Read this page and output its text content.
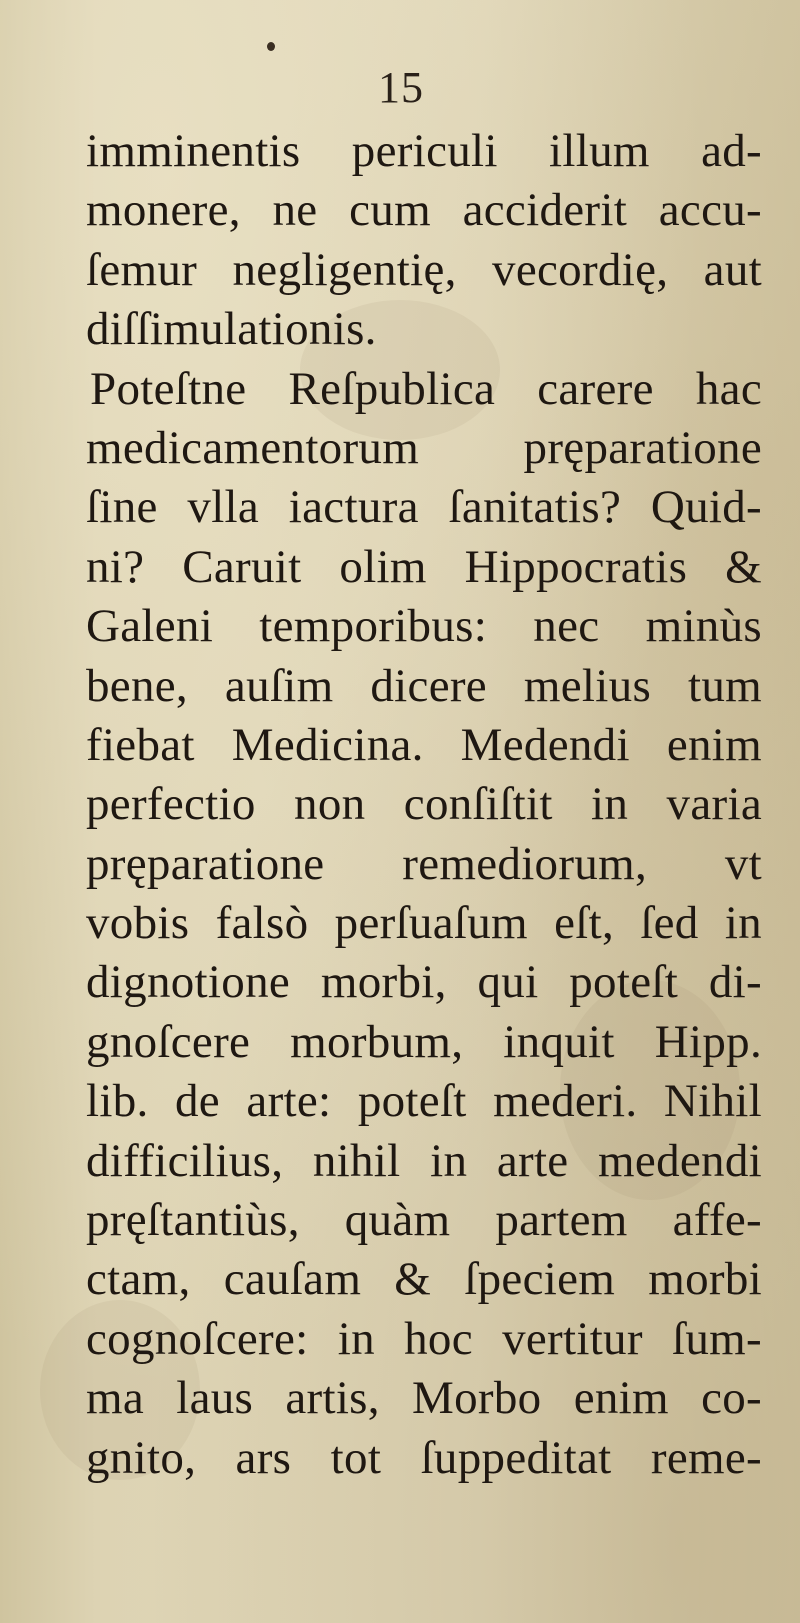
15
imminentis periculi illum ad-
monere, ne cum acciderit accu-
ſemur negligentię, vecordię, aut
diſſimulationis.
Poteſtne Reſpublica carere hac
medicamentorum pręparatione
ſine vlla iactura ſanitatis? Quid-
ni? Caruit olim Hippocratis &
Galeni temporibus: nec minùs
bene, auſim dicere melius tum
fiebat Medicina. Medendi enim
perfectio non conſiſtit in varia
pręparatione remediorum, vt
vobis falsò perſuaſum eſt, ſed in
dignotione morbi, qui poteſt di-
gnoſcere morbum, inquit Hipp.
lib. de arte: poteſt mederi. Nihil
difficilius, nihil in arte medendi
pręſtantiùs, quàm partem affe-
ctam, cauſam & ſpeciem morbi
cognoſcere: in hoc vertitur ſum-
ma laus artis, Morbo enim co-
gnito, ars tot ſuppeditat reme-
